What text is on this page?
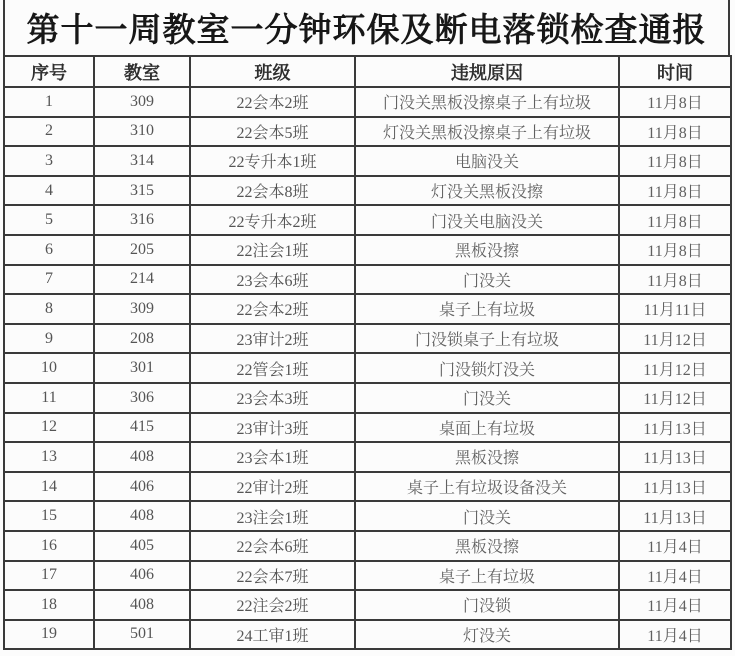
第十一周教室一分钟环保及断电落锁检查通报
序号	教室	班级	违规原因	时间
1	309	22会本2班	门没关黑板没擦桌子上有垃圾	11月8日
2	310	22会本5班	灯没关黑板没擦桌子上有垃圾	11月8日
3	314	22专升本1班	电脑没关	11月8日
4	315	22会本8班	灯没关黑板没擦	11月8日
5	316	22专升本2班	门没关电脑没关	11月8日
6	205	22注会1班	黑板没擦	11月8日
7	214	23会本6班	门没关	11月8日
8	309	22会本2班	桌子上有垃圾	11月11日
9	208	23审计2班	门没锁桌子上有垃圾	11月12日
10	301	22管会1班	门没锁灯没关	11月12日
11	306	23会本3班	门没关	11月12日
12	415	23审计3班	桌面上有垃圾	11月13日
13	408	23会本1班	黑板没擦	11月13日
14	406	22审计2班	桌子上有垃圾设备没关	11月13日
15	408	23注会1班	门没关	11月13日
16	405	22会本6班	黑板没擦	11月4日
17	406	22会本7班	桌子上有垃圾	11月4日
18	408	22注会2班	门没锁	11月4日
19	501	24工审1班	灯没关	11月4日
